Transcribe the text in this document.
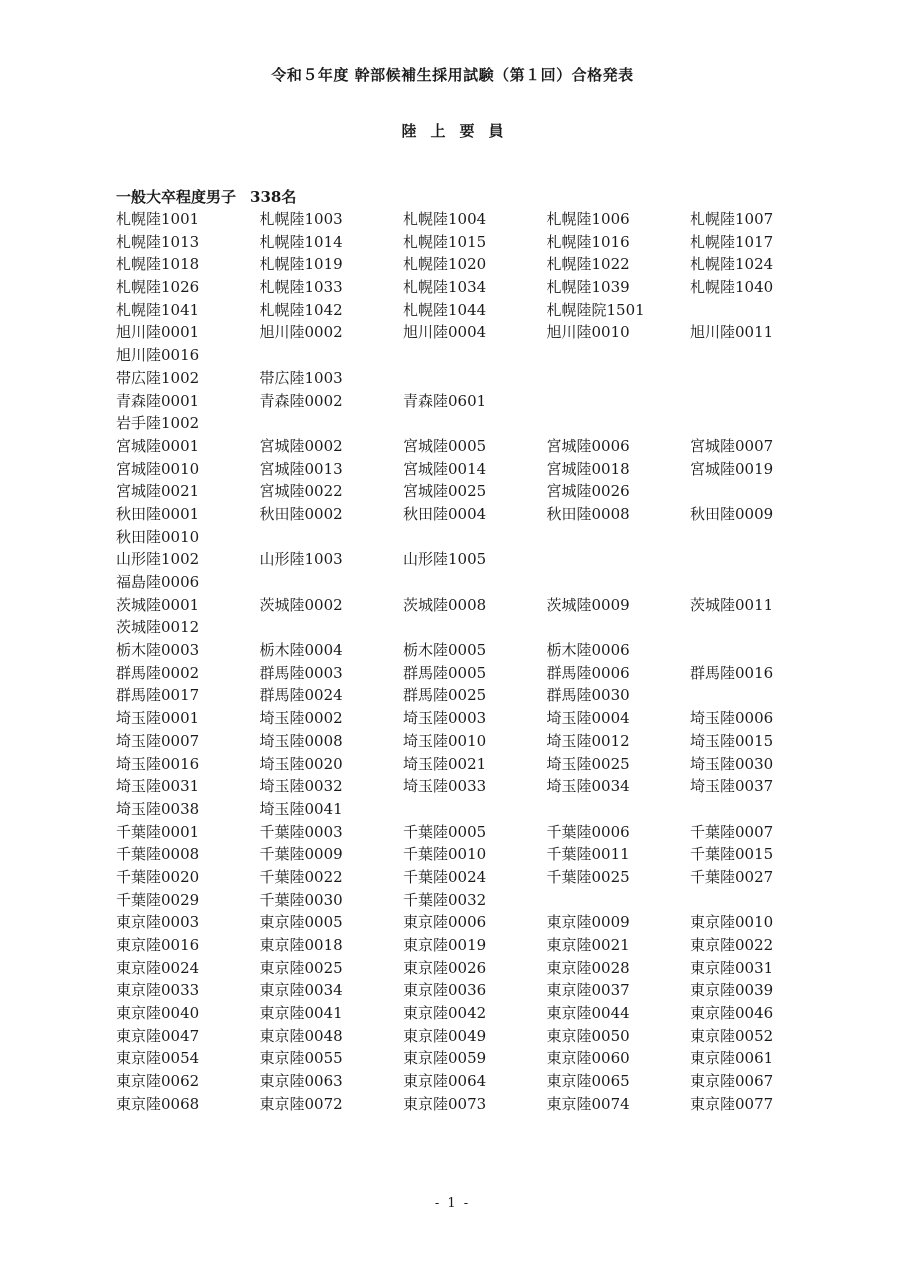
令和５年度 幹部候補生採用試験（第１回）合格発表
陸上要員
一般大卒程度男子 338名
札幌陸1001	札幌陸1003	札幌陸1004	札幌陸1006	札幌陸1007
札幌陸1013	札幌陸1014	札幌陸1015	札幌陸1016	札幌陸1017
札幌陸1018	札幌陸1019	札幌陸1020	札幌陸1022	札幌陸1024
札幌陸1026	札幌陸1033	札幌陸1034	札幌陸1039	札幌陸1040
札幌陸1041	札幌陸1042	札幌陸1044	札幌陸院1501
旭川陸0001	旭川陸0002	旭川陸0004	旭川陸0010	旭川陸0011
旭川陸0016
帯広陸1002	帯広陸1003
青森陸0001	青森陸0002	青森陸0601
岩手陸1002
宮城陸0001	宮城陸0002	宮城陸0005	宮城陸0006	宮城陸0007
宮城陸0010	宮城陸0013	宮城陸0014	宮城陸0018	宮城陸0019
宮城陸0021	宮城陸0022	宮城陸0025	宮城陸0026
秋田陸0001	秋田陸0002	秋田陸0004	秋田陸0008	秋田陸0009
秋田陸0010
山形陸1002	山形陸1003	山形陸1005
福島陸0006
茨城陸0001	茨城陸0002	茨城陸0008	茨城陸0009	茨城陸0011
茨城陸0012
栃木陸0003	栃木陸0004	栃木陸0005	栃木陸0006
群馬陸0002	群馬陸0003	群馬陸0005	群馬陸0006	群馬陸0016
群馬陸0017	群馬陸0024	群馬陸0025	群馬陸0030
埼玉陸0001	埼玉陸0002	埼玉陸0003	埼玉陸0004	埼玉陸0006
埼玉陸0007	埼玉陸0008	埼玉陸0010	埼玉陸0012	埼玉陸0015
埼玉陸0016	埼玉陸0020	埼玉陸0021	埼玉陸0025	埼玉陸0030
埼玉陸0031	埼玉陸0032	埼玉陸0033	埼玉陸0034	埼玉陸0037
埼玉陸0038	埼玉陸0041
千葉陸0001	千葉陸0003	千葉陸0005	千葉陸0006	千葉陸0007
千葉陸0008	千葉陸0009	千葉陸0010	千葉陸0011	千葉陸0015
千葉陸0020	千葉陸0022	千葉陸0024	千葉陸0025	千葉陸0027
千葉陸0029	千葉陸0030	千葉陸0032
東京陸0003	東京陸0005	東京陸0006	東京陸0009	東京陸0010
東京陸0016	東京陸0018	東京陸0019	東京陸0021	東京陸0022
東京陸0024	東京陸0025	東京陸0026	東京陸0028	東京陸0031
東京陸0033	東京陸0034	東京陸0036	東京陸0037	東京陸0039
東京陸0040	東京陸0041	東京陸0042	東京陸0044	東京陸0046
東京陸0047	東京陸0048	東京陸0049	東京陸0050	東京陸0052
東京陸0054	東京陸0055	東京陸0059	東京陸0060	東京陸0061
東京陸0062	東京陸0063	東京陸0064	東京陸0065	東京陸0067
東京陸0068	東京陸0072	東京陸0073	東京陸0074	東京陸0077
- 1 -
